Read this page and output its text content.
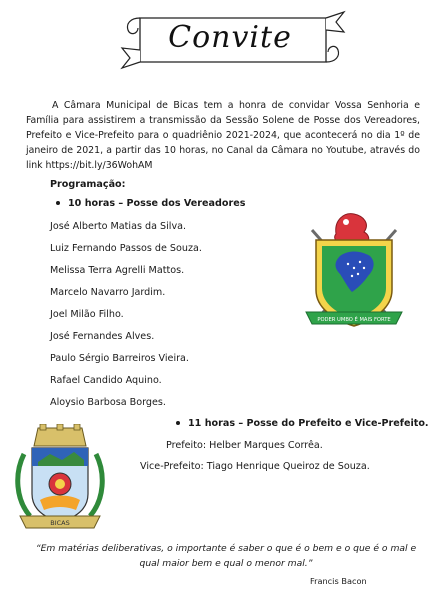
Convite
A Câmara Municipal de Bicas tem a honra de convidar Vossa Senhoria e Família para assistirem a transmissão da Sessão Solene de Posse dos Vereadores, Prefeito e Vice-Prefeito para o quadriênio 2021-2024, que acontecerá no dia 1º de janeiro de 2021, a partir das 10 horas, no Canal da Câmara no Youtube, através do link https://bit.ly/36WohAM
Programação:
10 horas – Posse dos Vereadores
José Alberto Matias da Silva.
Luiz Fernando Passos de Souza.
Melissa Terra Agrelli Mattos.
Marcelo Navarro Jardim.
Joel Milão Filho.
José Fernandes Alves.
Paulo Sérgio Barreiros Vieira.
Rafael Candido Aquino.
Aloysio Barbosa Borges.
PODER UMBO É MAIS FORTE
11 horas – Posse do Prefeito e Vice-Prefeito.
Prefeito: Helber Marques Corrêa.
Vice-Prefeito: Tiago Henrique Queiroz de Souza.
BICAS
“Em matérias deliberativas, o importante é saber o que é o bem e o que é o mal e qual maior bem e qual o menor mal.”
Francis Bacon
